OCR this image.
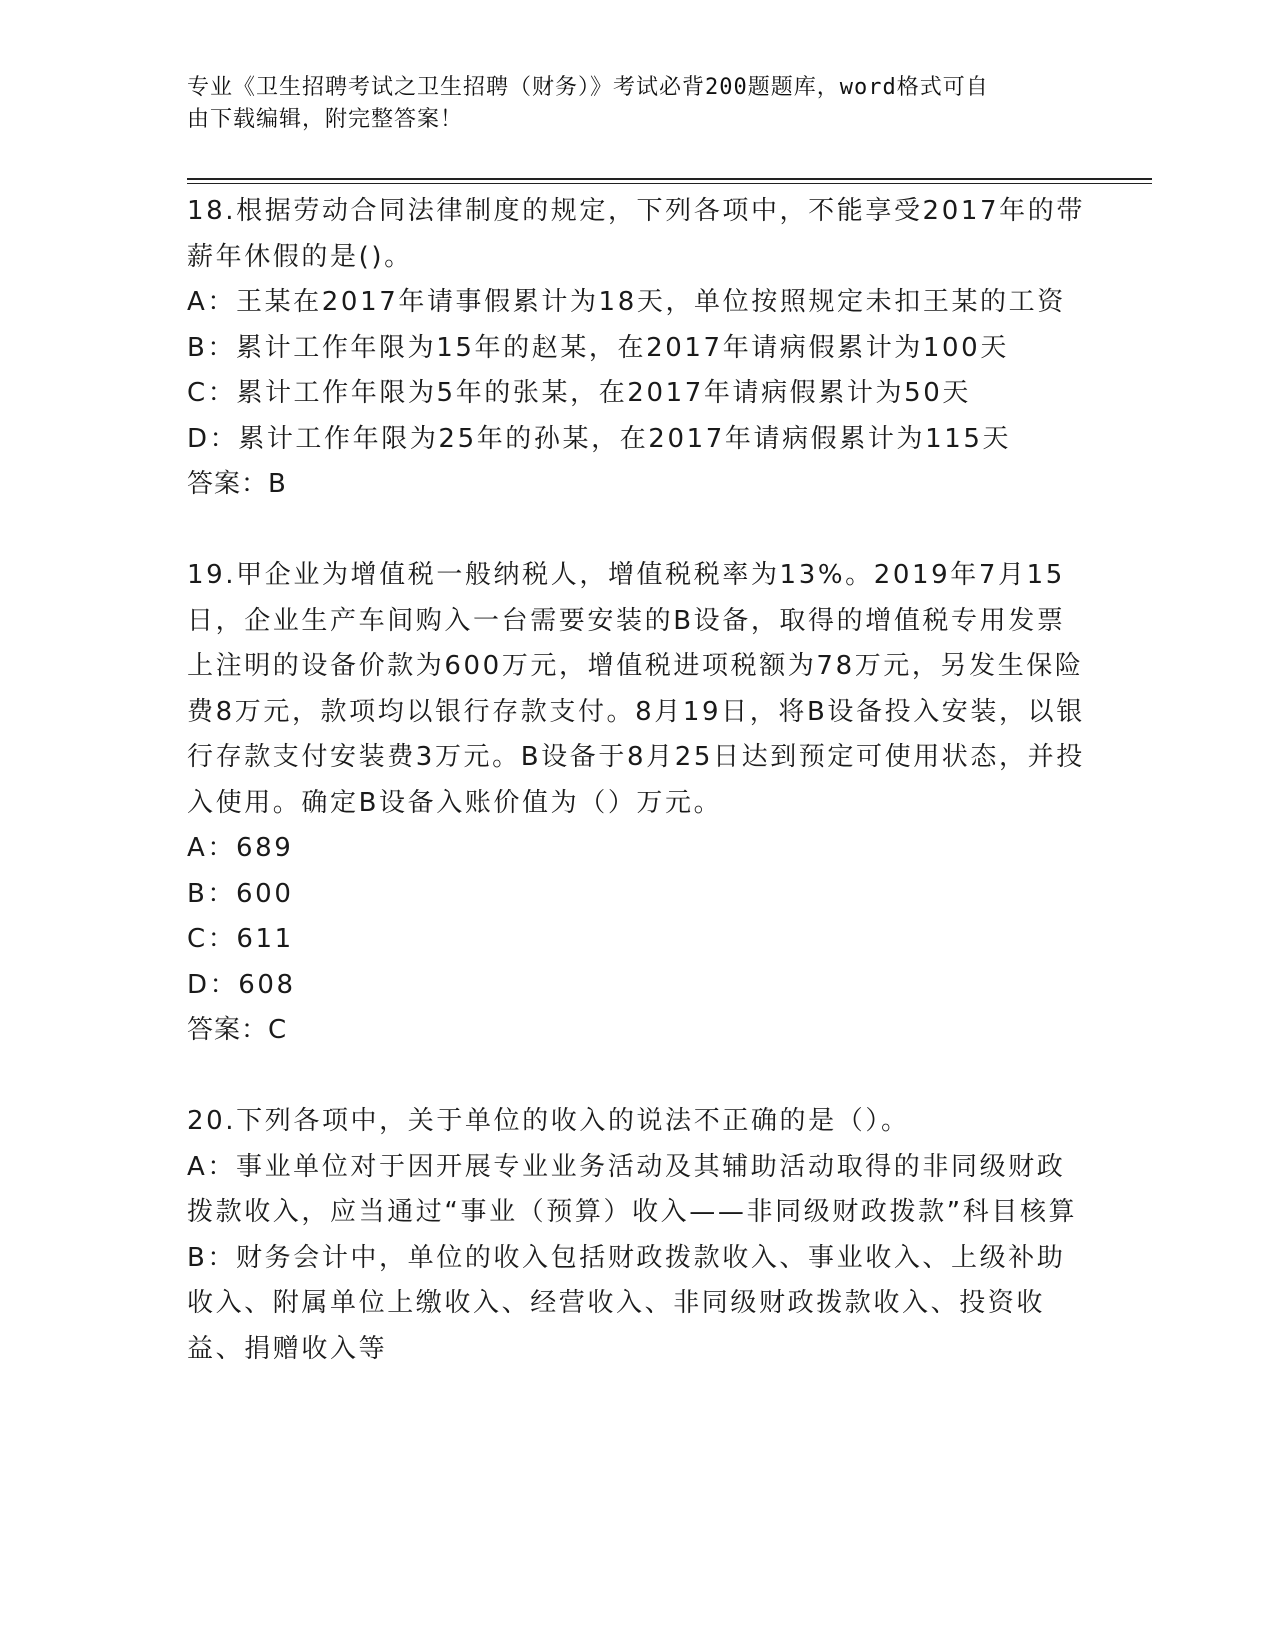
专业《卫生招聘考试之卫生招聘（财务）》考试必背200题题库，word格式可自
由下载编辑，附完整答案！

18.根据劳动合同法律制度的规定，下列各项中，不能享受2017年的带薪年休假的是()。

A：王某在2017年请事假累计为18天，单位按照规定未扣王某的工资

B：累计工作年限为15年的赵某，在2017年请病假累计为100天

C：累计工作年限为5年的张某，在2017年请病假累计为50天

D：累计工作年限为25年的孙某，在2017年请病假累计为115天

答案：B

19.甲企业为增值税一般纳税人，增值税税率为13%。2019年7月15日，企业生产车间购入一台需要安装的B设备，取得的增值税专用发票上注明的设备价款为600万元，增值税进项税额为78万元，另发生保险费8万元，款项均以银行存款支付。8月19日，将B设备投入安装，以银行存款支付安装费3万元。B设备于8月25日达到预定可使用状态，并投入使用。确定B设备入账价值为（）万元。

A：689

B：600

C：611

D：608

答案：C

20.下列各项中，关于单位的收入的说法不正确的是（）。

A：事业单位对于因开展专业业务活动及其辅助活动取得的非同级财政拨款收入，应当通过“事业（预算）收入——非同级财政拨款”科目核算

B：财务会计中，单位的收入包括财政拨款收入、事业收入、上级补助收入、附属单位上缴收入、经营收入、非同级财政拨款收入、投资收益、捐赠收入等
